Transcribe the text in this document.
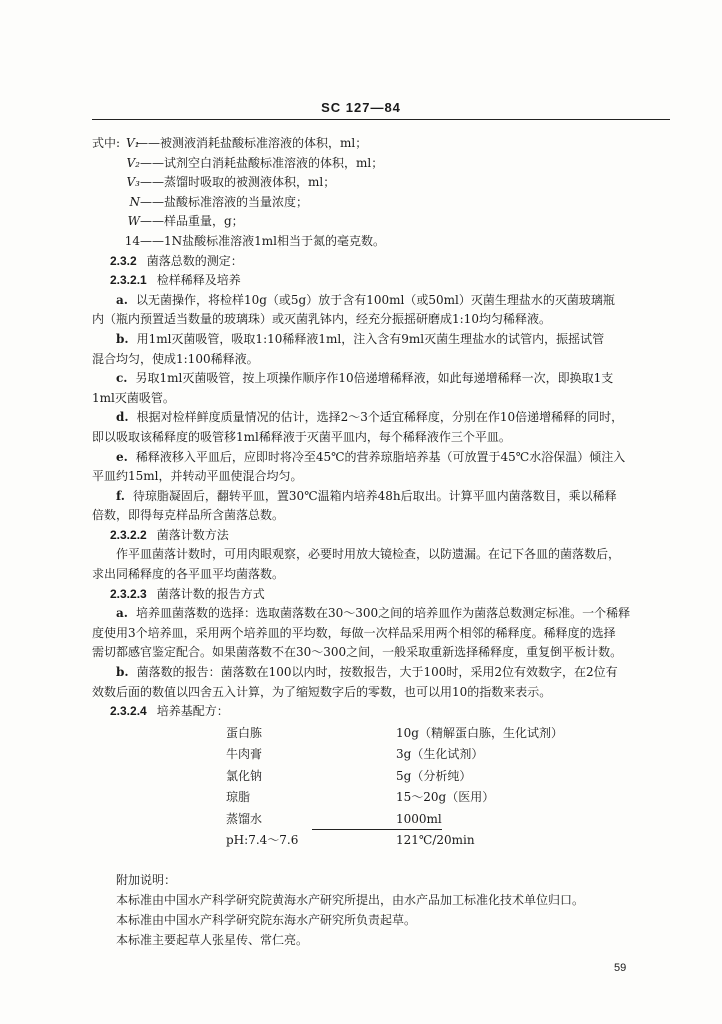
SC 127—84
式中: V₁——被测液消耗盐酸标准溶液的体积，ml；
V₂——试剂空白消耗盐酸标准溶液的体积，ml；
V₃——蒸馏时吸取的被测液体积，ml；
N——盐酸标准溶液的当量浓度；
W——样品重量，g；
14——1N盐酸标准溶液1ml相当于氮的毫克数。
2.3.2 菌落总数的测定：
2.3.2.1 检样稀释及培养
a. 以无菌操作，将检样10g（或5g）放于含有100ml（或50ml）灭菌生理盐水的灭菌玻璃瓶
内（瓶内预置适当数量的玻璃珠）或灭菌乳钵内，经充分振摇研磨成1:10均匀稀释液。
b. 用1ml灭菌吸管，吸取1:10稀释液1ml，注入含有9ml灭菌生理盐水的试管内，振摇试管
混合均匀，使成1:100稀释液。
c. 另取1ml灭菌吸管，按上项操作顺序作10倍递增稀释液，如此每递增稀释一次，即换取1支
1ml灭菌吸管。
d. 根据对检样鲜度质量情况的估计，选择2～3个适宜稀释度，分别在作10倍递增稀释的同时，
即以吸取该稀释度的吸管移1ml稀释液于灭菌平皿内，每个稀释液作三个平皿。
e. 稀释液移入平皿后，应即时将冷至45℃的营养琼脂培养基（可放置于45℃水浴保温）倾注入
平皿约15ml，并转动平皿使混合均匀。
f. 待琼脂凝固后，翻转平皿，置30℃温箱内培养48h后取出。计算平皿内菌落数目，乘以稀释
倍数，即得每克样品所含菌落总数。
2.3.2.2 菌落计数方法
作平皿菌落计数时，可用肉眼观察，必要时用放大镜检查，以防遗漏。在记下各皿的菌落数后，
求出同稀释度的各平皿平均菌落数。
2.3.2.3 菌落计数的报告方式
a. 培养皿菌落数的选择：选取菌落数在30～300之间的培养皿作为菌落总数测定标准。一个稀释
度使用3个培养皿，采用两个培养皿的平均数，每做一次样品采用两个相邻的稀释度。稀释度的选择
需切都感官鉴定配合。如果菌落数不在30～300之间，一般采取重新选择稀释度，重复倒平板计数。
b. 菌落数的报告：菌落数在100以内时，按数报告，大于100时，采用2位有效数字，在2位有
效数后面的数值以四舍五入计算，为了缩短数字后的零数，也可以用10的指数来表示。
2.3.2.4 培养基配方：
蛋白胨	10g（精解蛋白胨，生化试剂）
牛肉膏	3g（生化试剂）
氯化钠	5g（分析纯）
琼脂	15～20g（医用）
蒸馏水	1000ml
pH:7.4～7.6	121℃/20min
附加说明：
本标准由中国水产科学研究院黄海水产研究所提出，由水产品加工标准化技术单位归口。
本标准由中国水产科学研究院东海水产研究所负责起草。
本标准主要起草人张星传、常仁亮。
59
